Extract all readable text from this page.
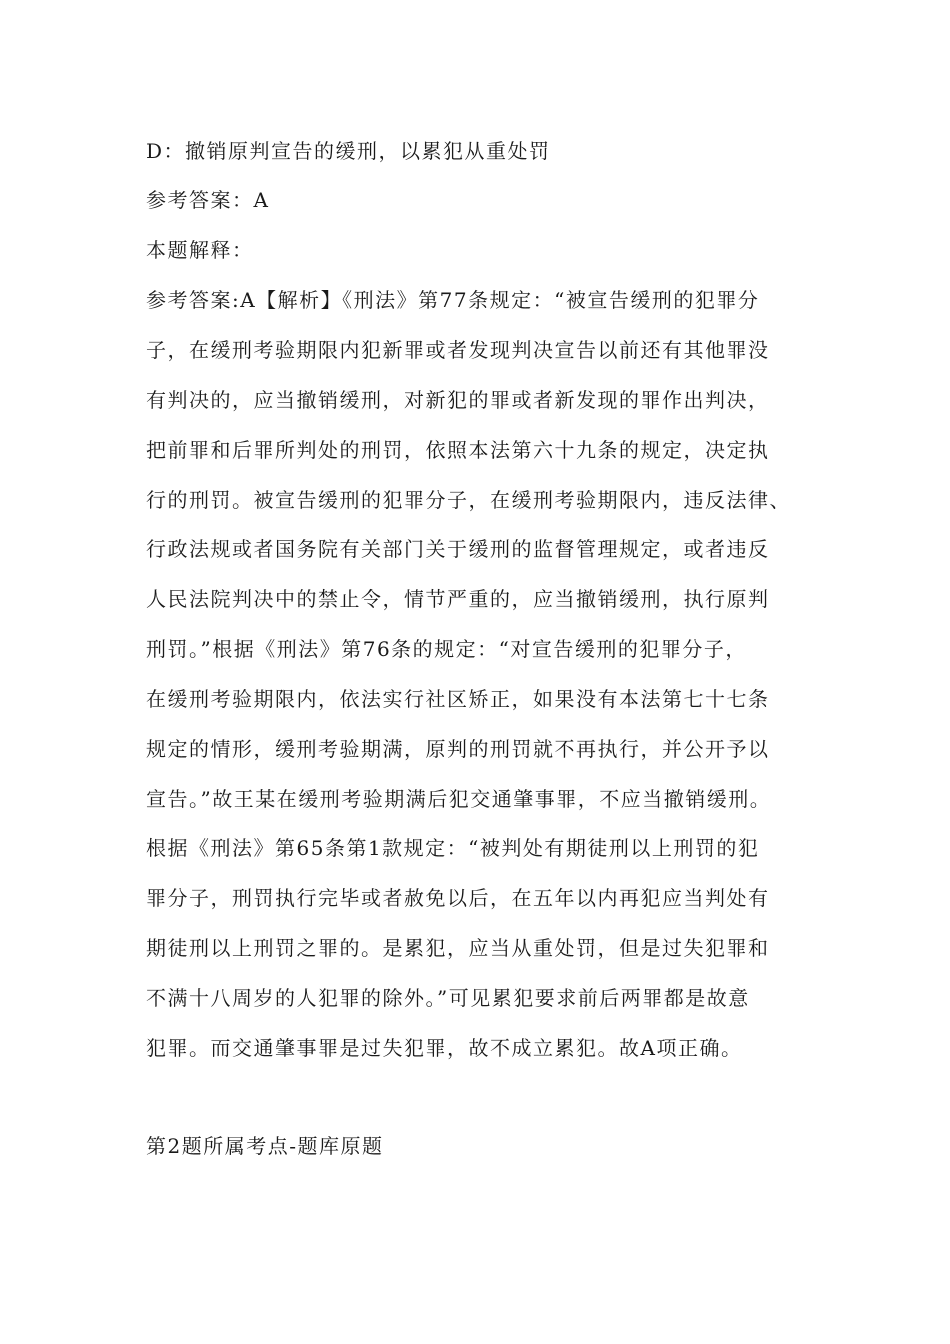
D：撤销原判宣告的缓刑，以累犯从重处罚
参考答案：A
本题解释：
参考答案:A【解析】《刑法》第77条规定：“被宣告缓刑的犯罪分
子，在缓刑考验期限内犯新罪或者发现判决宣告以前还有其他罪没
有判决的，应当撤销缓刑，对新犯的罪或者新发现的罪作出判决，
把前罪和后罪所判处的刑罚，依照本法第六十九条的规定，决定执
行的刑罚。被宣告缓刑的犯罪分子，在缓刑考验期限内，违反法律、
行政法规或者国务院有关部门关于缓刑的监督管理规定，或者违反
人民法院判决中的禁止令，情节严重的，应当撤销缓刑，执行原判
刑罚。”根据《刑法》第76条的规定：“对宣告缓刑的犯罪分子，
在缓刑考验期限内，依法实行社区矫正，如果没有本法第七十七条
规定的情形，缓刑考验期满，原判的刑罚就不再执行，并公开予以
宣告。”故王某在缓刑考验期满后犯交通肇事罪，不应当撤销缓刑。
根据《刑法》第65条第1款规定：“被判处有期徒刑以上刑罚的犯
罪分子，刑罚执行完毕或者赦免以后，在五年以内再犯应当判处有
期徒刑以上刑罚之罪的。是累犯，应当从重处罚，但是过失犯罪和
不满十八周岁的人犯罪的除外。”可见累犯要求前后两罪都是故意
犯罪。而交通肇事罪是过失犯罪，故不成立累犯。故A项正确。
第2题所属考点-题库原题
